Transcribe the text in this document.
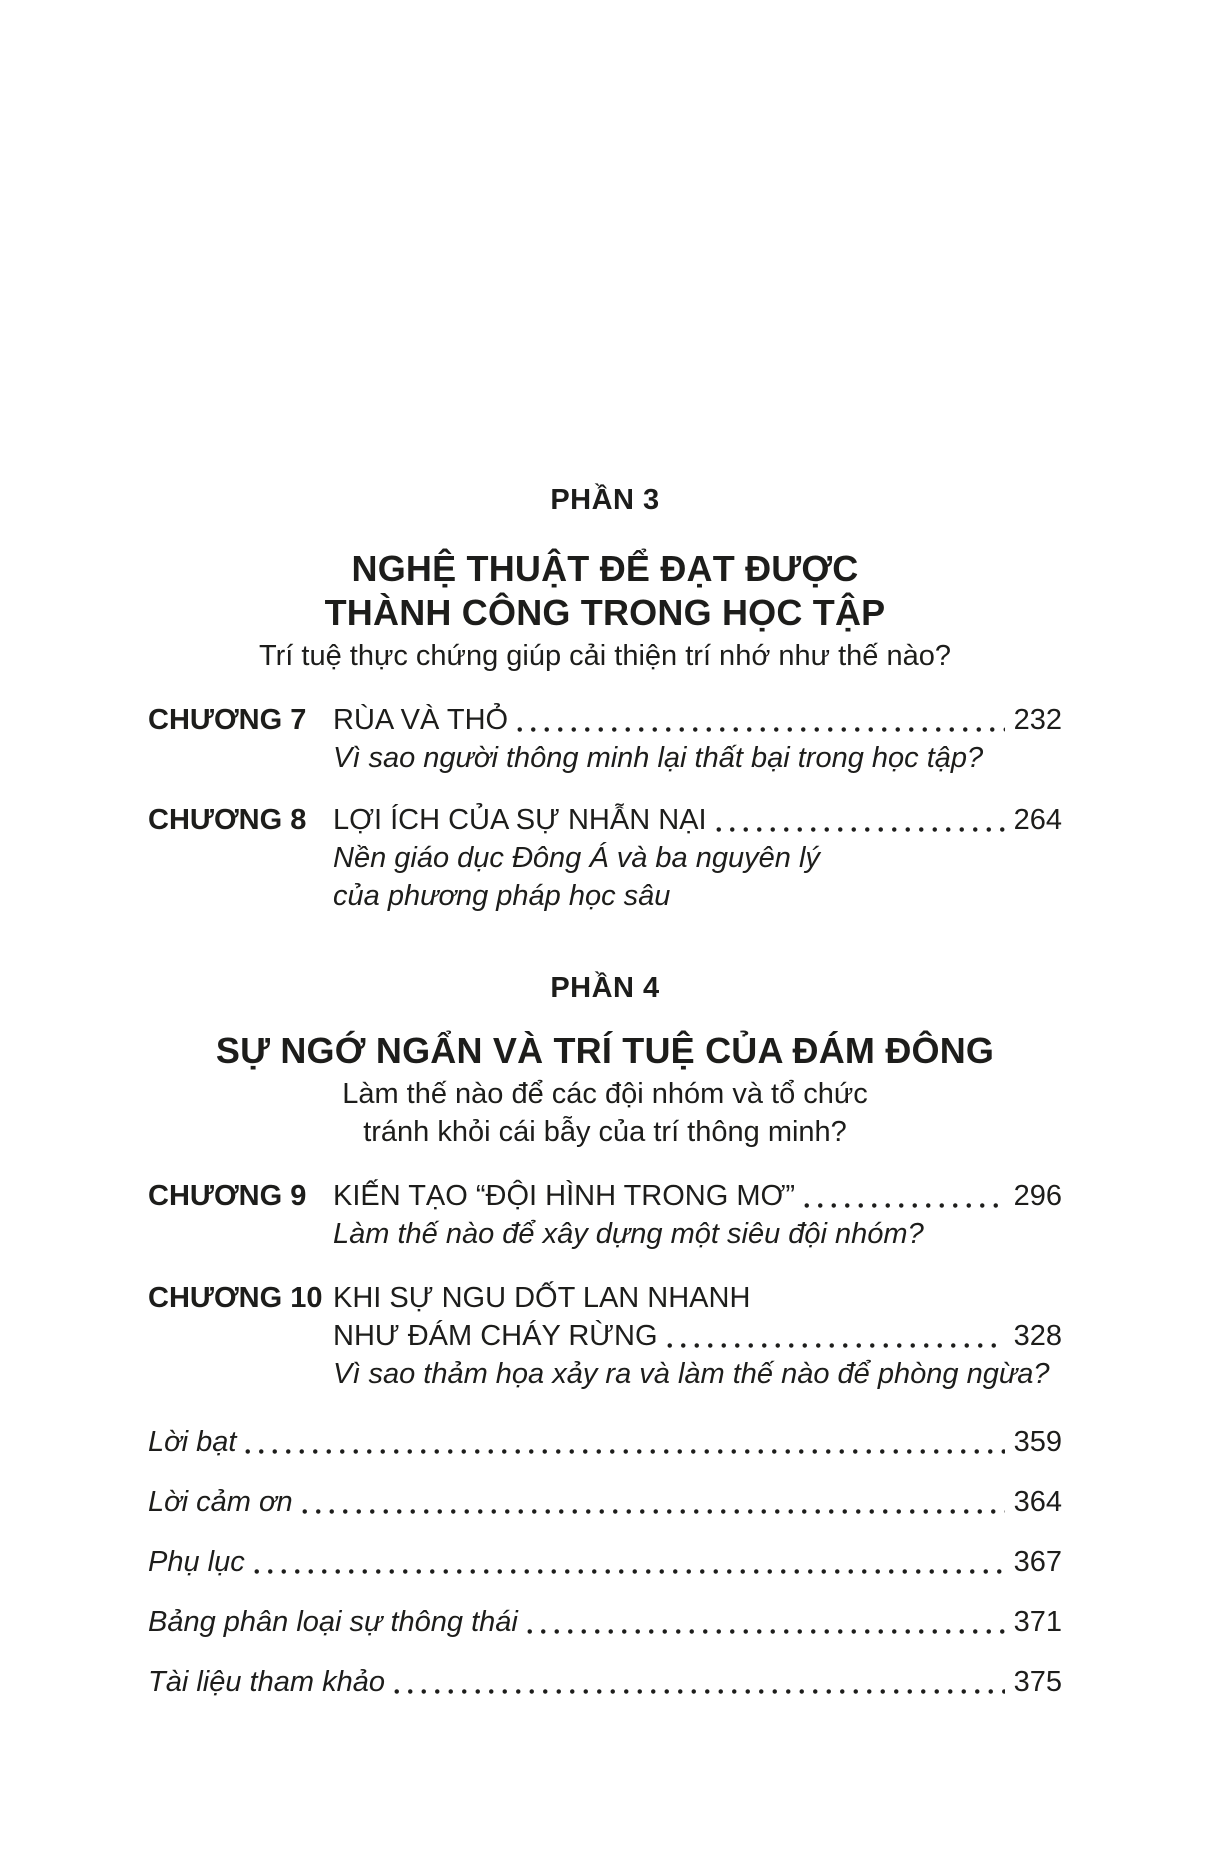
PHẦN 3
NGHỆ THUẬT ĐỂ ĐẠT ĐƯỢC
THÀNH CÔNG TRONG HỌC TẬP
Trí tuệ thực chứng giúp cải thiện trí nhớ như thế nào?
CHƯƠNG 7 RÙA VÀ THỎ	232
Vì sao người thông minh lại thất bại trong học tập?
CHƯƠNG 8 LỢI ÍCH CỦA SỰ NHẪN NẠI	264
Nền giáo dục Đông Á và ba nguyên lý
của phương pháp học sâu
PHẦN 4
SỰ NGỚ NGẨN VÀ TRÍ TUỆ CỦA ĐÁM ĐÔNG
Làm thế nào để các đội nhóm và tổ chức
tránh khỏi cái bẫy của trí thông minh?
CHƯƠNG 9 KIẾN TẠO “ĐỘI HÌNH TRONG MƠ”	296
Làm thế nào để xây dựng một siêu đội nhóm?
CHƯƠNG 10 KHI SỰ NGU DỐT LAN NHANH
NHƯ ĐÁM CHÁY RỪNG	328
Vì sao thảm họa xảy ra và làm thế nào để phòng ngừa?
Lời bạt	359
Lời cảm ơn	364
Phụ lục	367
Bảng phân loại sự thông thái	371
Tài liệu tham khảo	375
